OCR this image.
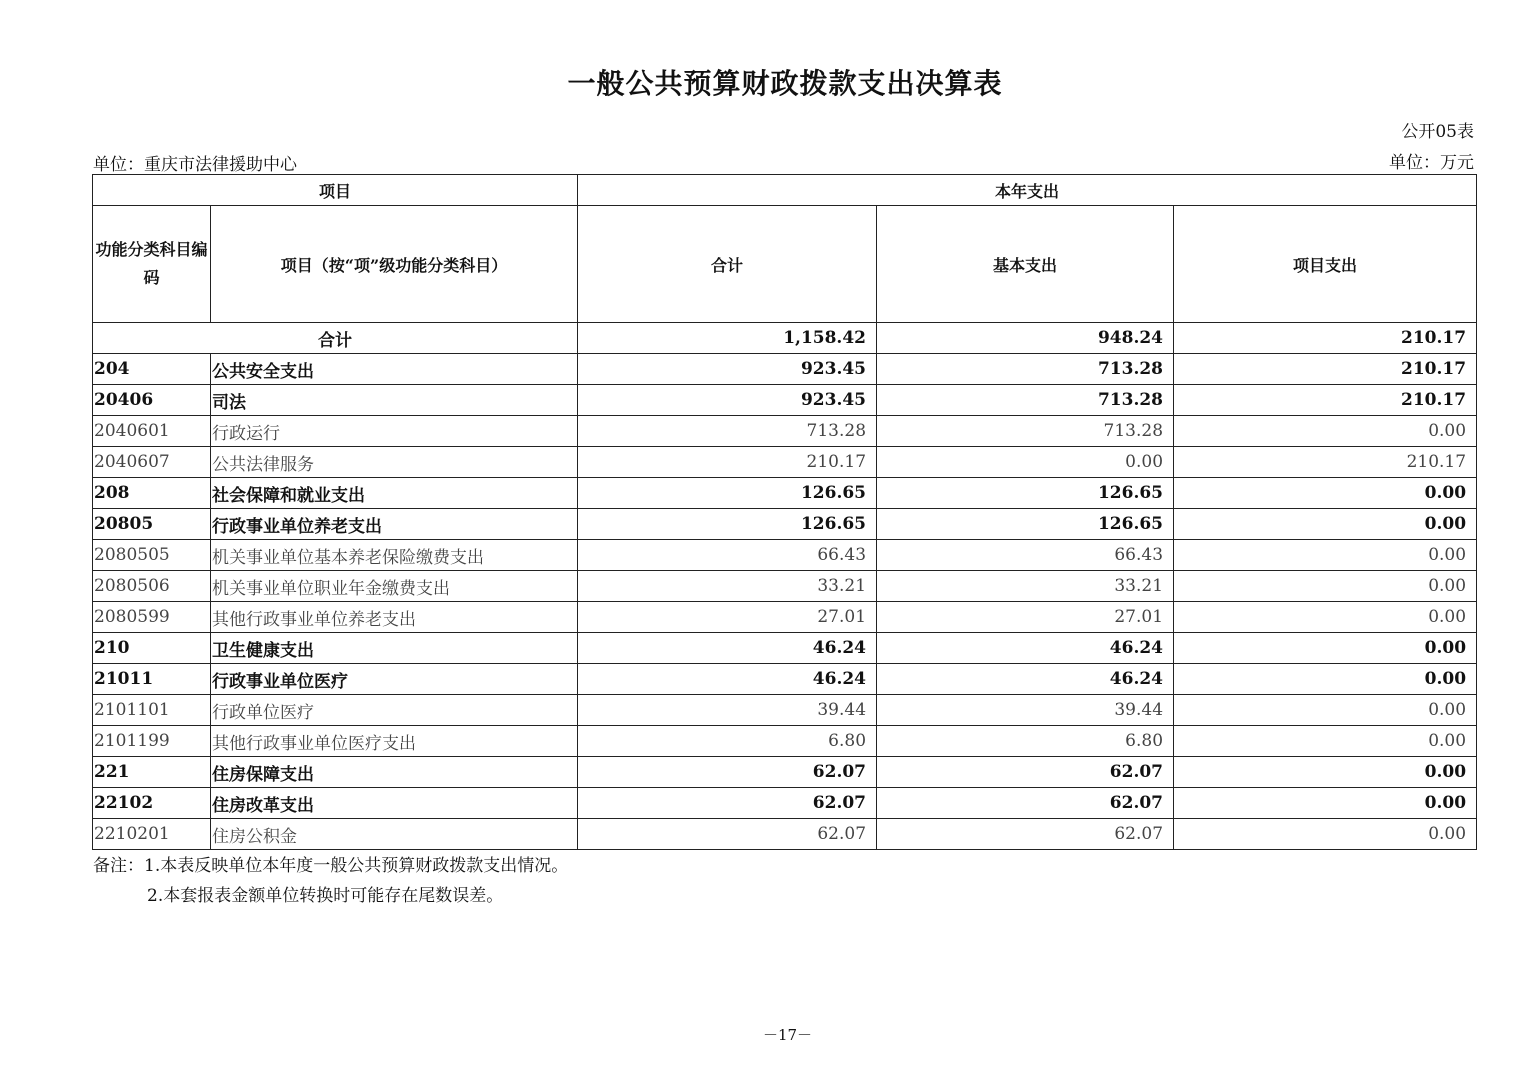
一般公共预算财政拨款支出决算表
公开05表
单位：重庆市法律援助中心	单位：万元
项目		本年支出		
功能分类科目编码	项目（按“项”级功能分类科目）	合计	基本支出	项目支出
合计		1,158.42	948.24	210.17
204	公共安全支出	923.45	713.28	210.17
20406	司法	923.45	713.28	210.17
2040601	行政运行	713.28	713.28	0.00
2040607	公共法律服务	210.17	0.00	210.17
208	社会保障和就业支出	126.65	126.65	0.00
20805	行政事业单位养老支出	126.65	126.65	0.00
2080505	机关事业单位基本养老保险缴费支出	66.43	66.43	0.00
2080506	机关事业单位职业年金缴费支出	33.21	33.21	0.00
2080599	其他行政事业单位养老支出	27.01	27.01	0.00
210	卫生健康支出	46.24	46.24	0.00
21011	行政事业单位医疗	46.24	46.24	0.00
2101101	行政单位医疗	39.44	39.44	0.00
2101199	其他行政事业单位医疗支出	6.80	6.80	0.00
221	住房保障支出	62.07	62.07	0.00
22102	住房改革支出	62.07	62.07	0.00
2210201	住房公积金	62.07	62.07	0.00
备注：1.本表反映单位本年度一般公共预算财政拨款支出情况。
2.本套报表金额单位转换时可能存在尾数误差。
－17－
